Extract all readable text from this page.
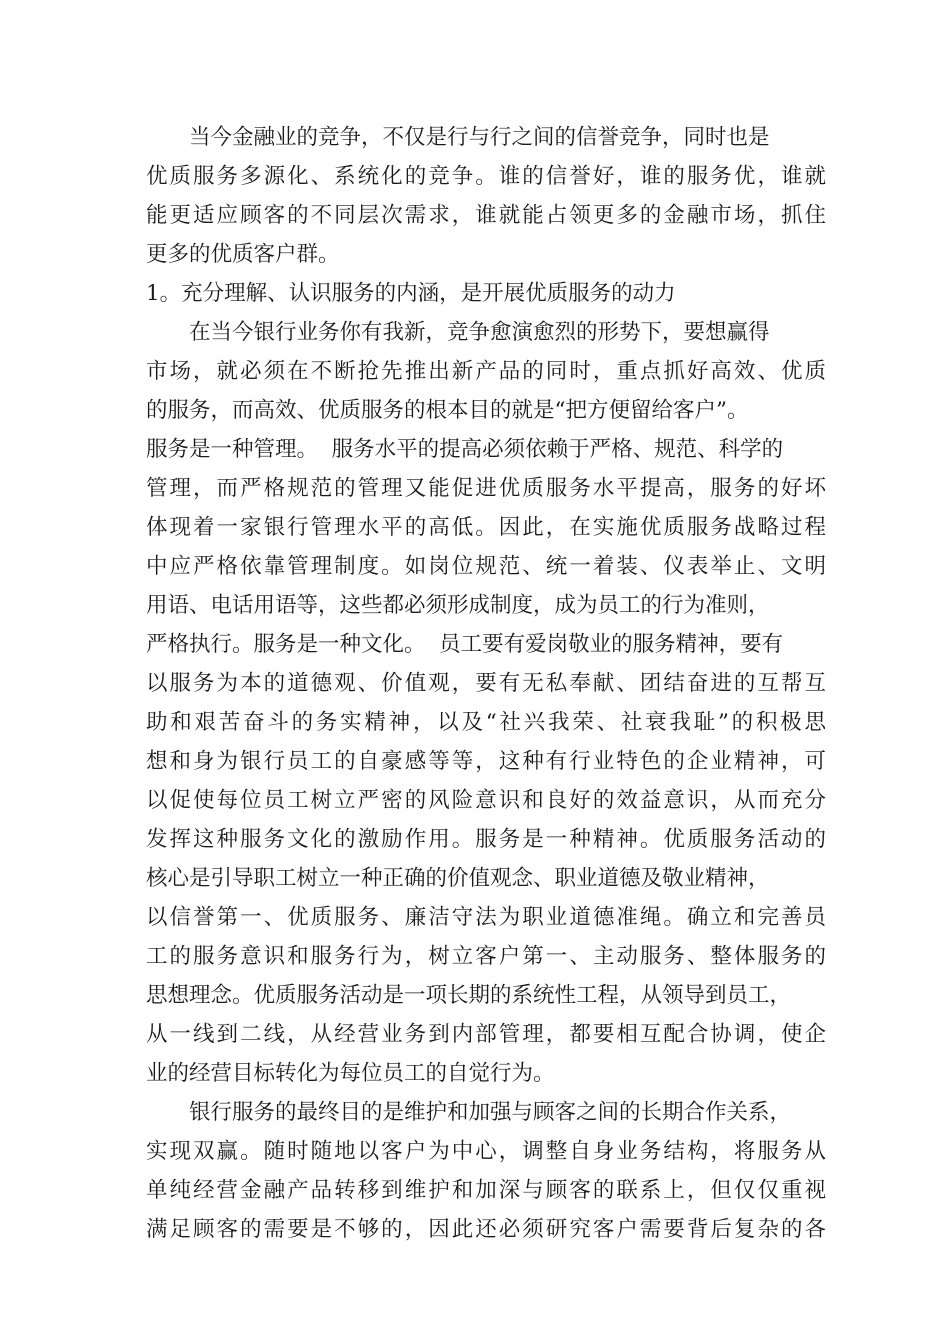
当今金融业的竞争，不仅是行与行之间的信誉竞争，同时也是
优质服务多源化、系统化的竞争。谁的信誉好，谁的服务优，谁就
能更适应顾客的不同层次需求，谁就能占领更多的金融市场，抓住
更多的优质客户群。
1。充分理解、认识服务的内涵，是开展优质服务的动力
在当今银行业务你有我新，竞争愈演愈烈的形势下，要想赢得
市场，就必须在不断抢先推出新产品的同时，重点抓好高效、优质
的服务，而高效、优质服务的根本目的就是“把方便留给客户”。
服务是一种管理。  服务水平的提高必须依赖于严格、规范、科学的
管理，而严格规范的管理又能促进优质服务水平提高，服务的好坏
体现着一家银行管理水平的高低。因此，在实施优质服务战略过程
中应严格依靠管理制度。如岗位规范、统一着装、仪表举止、文明
用语、电话用语等，这些都必须形成制度，成为员工的行为准则，
严格执行。服务是一种文化。  员工要有爱岗敬业的服务精神，要有
以服务为本的道德观、价值观，要有无私奉献、团结奋进的互帮互
助和艰苦奋斗的务实精神，以及“社兴我荣、社衰我耻”的积极思
想和身为银行员工的自豪感等等，这种有行业特色的企业精神，可
以促使每位员工树立严密的风险意识和良好的效益意识，从而充分
发挥这种服务文化的激励作用。服务是一种精神。优质服务活动的
核心是引导职工树立一种正确的价值观念、职业道德及敬业精神，
以信誉第一、优质服务、廉洁守法为职业道德准绳。确立和完善员
工的服务意识和服务行为，树立客户第一、主动服务、整体服务的
思想理念。优质服务活动是一项长期的系统性工程，从领导到员工，
从一线到二线，从经营业务到内部管理，都要相互配合协调，使企
业的经营目标转化为每位员工的自觉行为。
银行服务的最终目的是维护和加强与顾客之间的长期合作关系，
实现双赢。随时随地以客户为中心，调整自身业务结构，将服务从
单纯经营金融产品转移到维护和加深与顾客的联系上，但仅仅重视
满足顾客的需要是不够的，因此还必须研究客户需要背后复杂的各
